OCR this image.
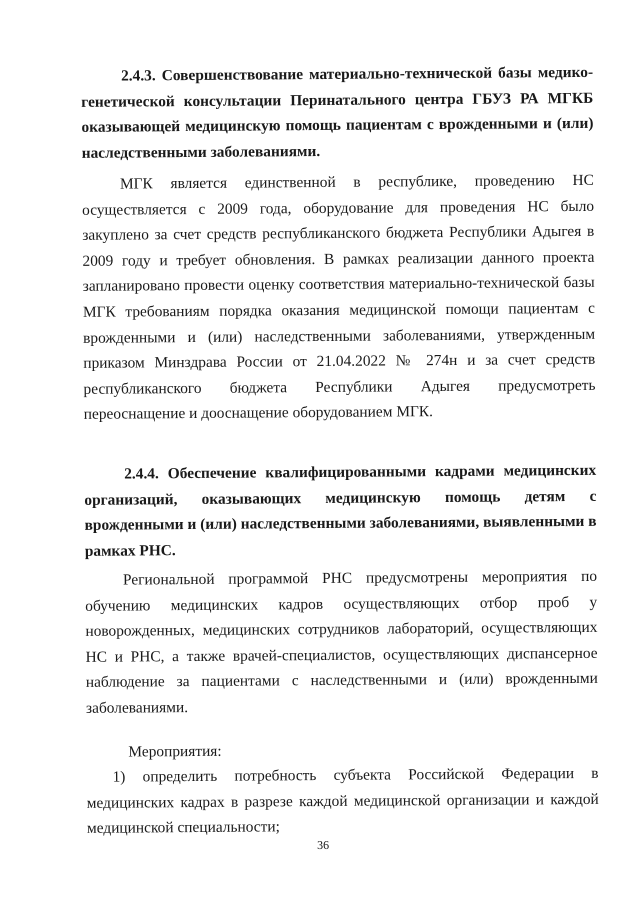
2.4.3. Совершенствование материально-технической базы медико-генетической консультации Перинатального центра ГБУЗ РА МГКБ оказывающей медицинскую помощь пациентам с врожденными и (или) наследственными заболеваниями.

МГК является единственной в республике, проведению НС осуществляется с 2009 года, оборудование для проведения НС было закуплено за счет средств республиканского бюджета Республики Адыгея в 2009 году и требует обновления. В рамках реализации данного проекта запланировано провести оценку соответствия материально-технической базы МГК требованиям порядка оказания медицинской помощи пациентам с врожденными и (или) наследственными заболеваниями, утвержденным приказом Минздрава России от 21.04.2022 № 274н и за счет средств республиканского бюджета Республики Адыгея предусмотреть переоснащение и дооснащение оборудованием МГК.

2.4.4. Обеспечение квалифицированными кадрами медицинских организаций, оказывающих медицинскую помощь детям с врожденными и (или) наследственными заболеваниями, выявленными в рамках РНС.

Региональной программой РНС предусмотрены мероприятия по обучению медицинских кадров осуществляющих отбор проб у новорожденных, медицинских сотрудников лабораторий, осуществляющих НС и РНС, а также врачей-специалистов, осуществляющих диспансерное наблюдение за пациентами с наследственными и (или) врожденными заболеваниями.

Мероприятия:

1) определить потребность субъекта Российской Федерации в медицинских кадрах в разрезе каждой медицинской организации и каждой медицинской специальности;

36
